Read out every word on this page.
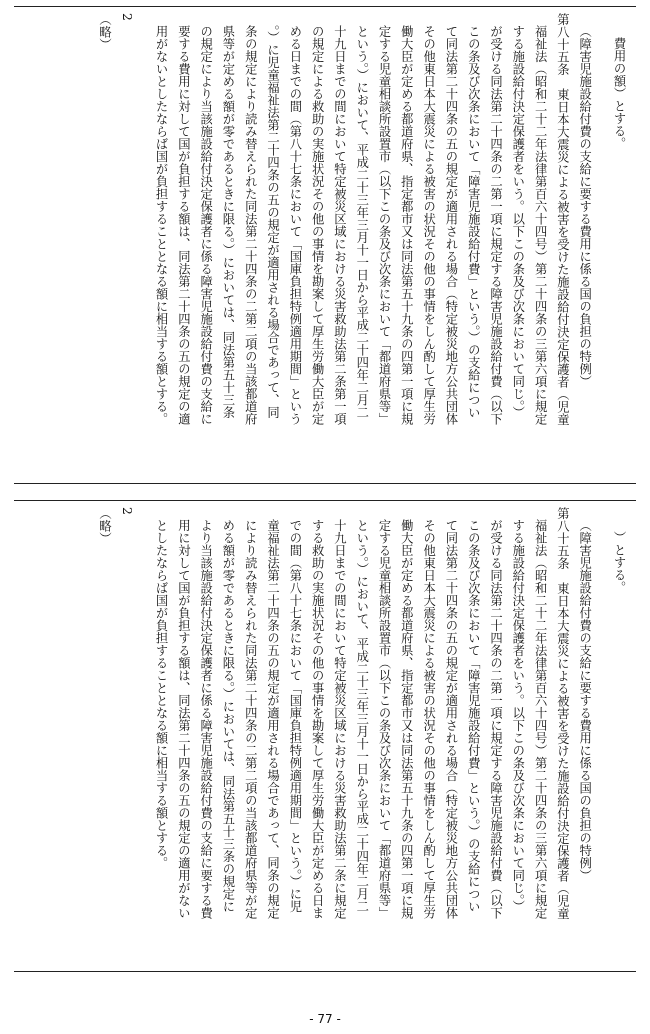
費用の額）とする。
（障害児施設給付費の支給に要する費用に係る国の負担の特例）
第八十五条　東日本大震災による被害を受けた施設給付決定保護者（児童
福祉法（昭和二十二年法律第百六十四号）第二十四条の三第六項に規定
する施設給付決定保護者をいう。以下この条及び次条において同じ。）
が受ける同法第二十四条の二第一項に規定する障害児施設給付費（以下
この条及び次条において「障害児施設給付費」という。）の支給につい
て同法第二十四条の五の規定が適用される場合（特定被災地方公共団体
その他東日本大震災による被害の状況その他の事情をしん酌して厚生労
働大臣が定める都道府県、指定都市又は同法第五十九条の四第一項に規
定する児童相談所設置市（以下この条及び次条において「都道府県等」
という。）において、平成二十三年三月十一日から平成二十四年二月二
十九日までの間において特定被災区域における災害救助法第二条第一項
の規定による救助の実施状況その他の事情を勘案して厚生労働大臣が定
める日までの間（第八十七条において「国庫負担特例適用期間」という
。）に児童福祉法第二十四条の五の規定が適用される場合であって、同
条の規定により読み替えられた同法第二十四条の二第二項の当該都道府
県等が定める額が零であるときに限る。）においては、同法第五十三条
の規定により当該施設給付決定保護者に係る障害児施設給付費の支給に
要する費用に対して国が負担する額は、同法第二十四条の五の規定の適
用がないとしたならば国が負担することとなる額に相当する額とする。
2
（略）
）とする。
（障害児施設給付費の支給に要する費用に係る国の負担の特例）
第八十五条　東日本大震災による被害を受けた施設給付決定保護者（児童
福祉法（昭和二十二年法律第百六十四号）第二十四条の三第六項に規定
する施設給付決定保護者をいう。以下この条及び次条において同じ。）
が受ける同法第二十四条の二第一項に規定する障害児施設給付費（以下
この条及び次条において「障害児施設給付費」という。）の支給につい
て同法第二十四条の五の規定が適用される場合（特定被災地方公共団体
その他東日本大震災による被害の状況その他の事情をしん酌して厚生労
働大臣が定める都道府県、指定都市又は同法第五十九条の四第一項に規
定する児童相談所設置市（以下この条及び次条において「都道府県等」
という。）において、平成二十三年三月十一日から平成二十四年二月二
十九日までの間において特定被災区域における災害救助法第二条に規定
する救助の実施状況その他の事情を勘案して厚生労働大臣が定める日ま
での間（第八十七条において「国庫負担特例適用期間」という。）に児
童福祉法第二十四条の五の規定が適用される場合であって、同条の規定
により読み替えられた同法第二十四条の二第二項の当該都道府県等が定
める額が零であるときに限る。）においては、同法第五十三条の規定に
より当該施設給付決定保護者に係る障害児施設給付費の支給に要する費
用に対して国が負担する額は、同法第二十四条の五の規定の適用がない
としたならば国が負担することとなる額に相当する額とする。
2
（略）
- 77 -
